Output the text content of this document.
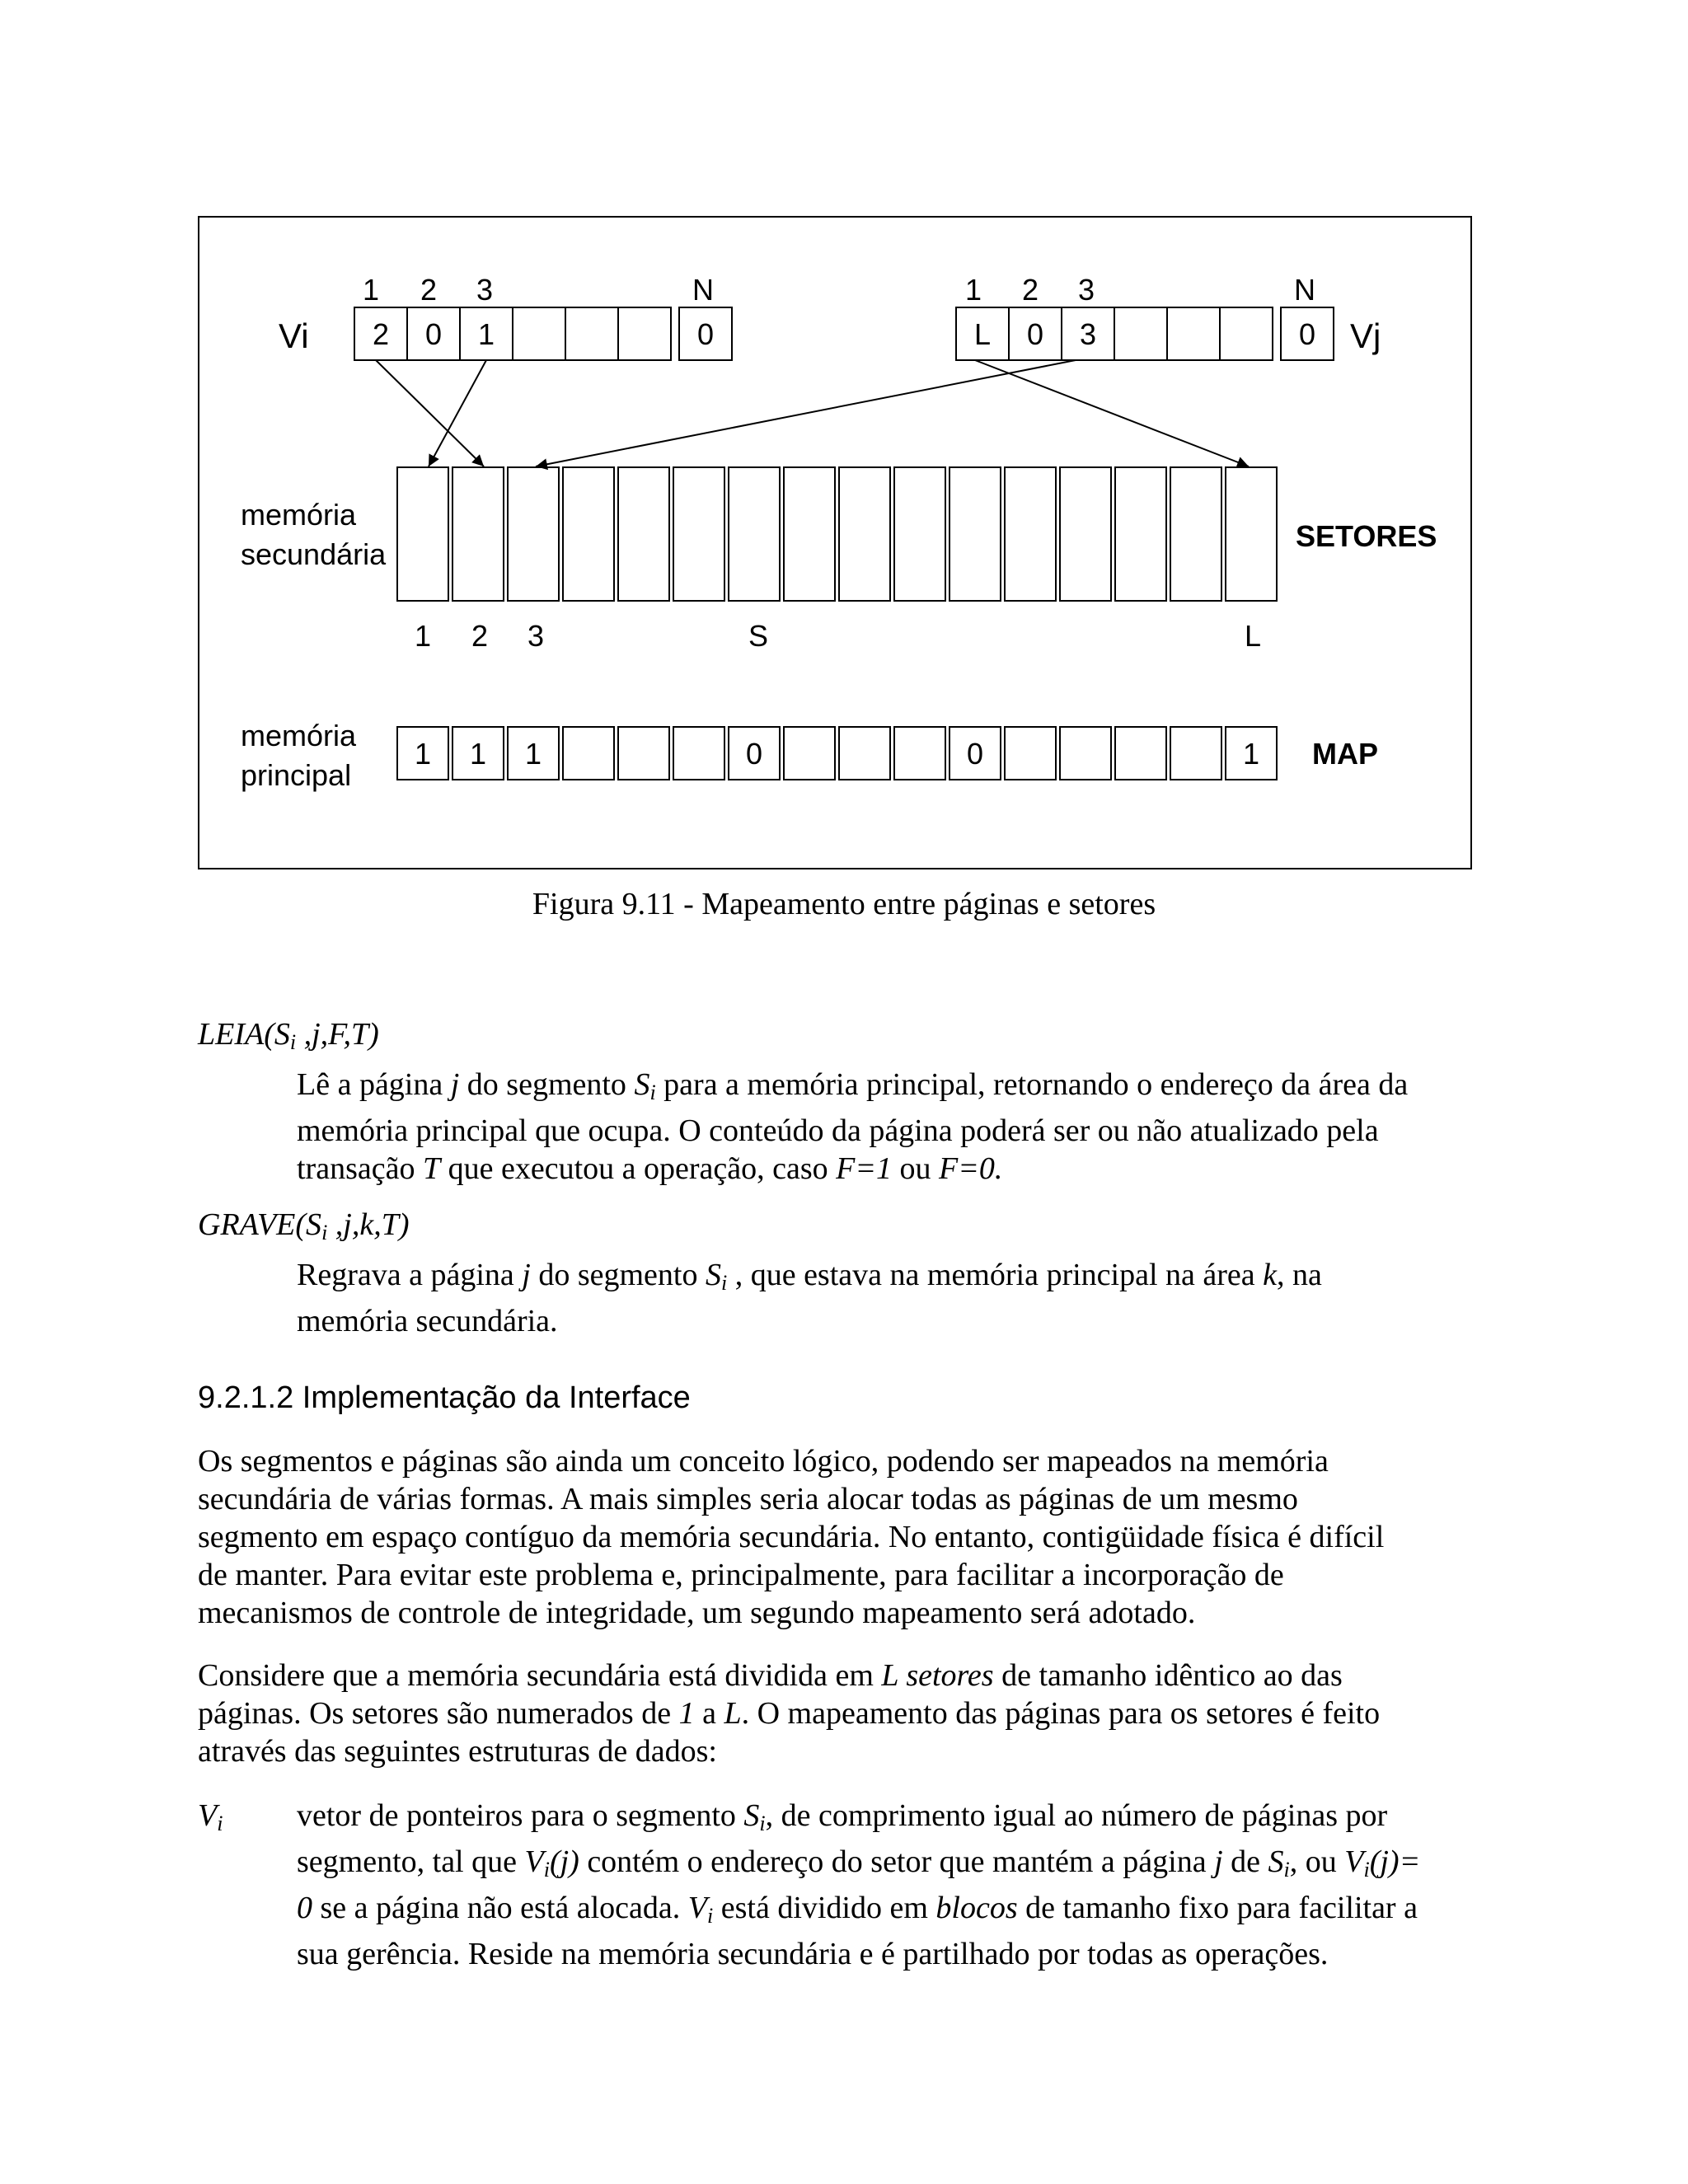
1 2 3	N	1 2 3	N
Vi	Vj
2 0 1	0	L 0 3	0
memória
secundária
SETORES
1 2 3	S	L
memória
principal
1 1 1	0	0	1 MAP
Figura 9.11 - Mapeamento entre páginas e setores
$LEIA(S_i$ ,j,F,T)
Lê a página j do segmento $S_i$ para a memória principal, retornando o endereço da área da
memória principal que ocupa. O conteúdo da página poderá ser ou não atualizado pela
transação T que executou a operação, caso F=1 ou F=0.
$GRAVE(S_i$ ,j,k,T)
Regrava a página j do segmento $S_i$ , que estava na memória principal na área k, na
memória secundária.
9.2.1.2 Implementação da Interface
Os segmentos e páginas são ainda um conceito lógico, podendo ser mapeados na memória
secundária de várias formas. A mais simples seria alocar todas as páginas de um mesmo
segmento em espaço contíguo da memória secundária. No entanto, contigüidade física é difícil
de manter. Para evitar este problema e, principalmente, para facilitar a incorporação de
mecanismos de controle de integridade, um segundo mapeamento será adotado.
Considere que a memória secundária está dividida em L setores de tamanho idêntico ao das
páginas. Os setores são numerados de 1 a L. O mapeamento das páginas para os setores é feito
através das seguintes estruturas de dados:
$V_i$ vetor de ponteiros para o segmento $S_i$, de comprimento igual ao número de páginas por
segmento, tal que $V_i(j)$ contém o endereço do setor que mantém a página j de $S_i$, ou $V_i(j)=$
0 se a página não está alocada. $V_i$ está dividido em blocos de tamanho fixo para facilitar a
sua gerência. Reside na memória secundária e é partilhado por todas as operações.
